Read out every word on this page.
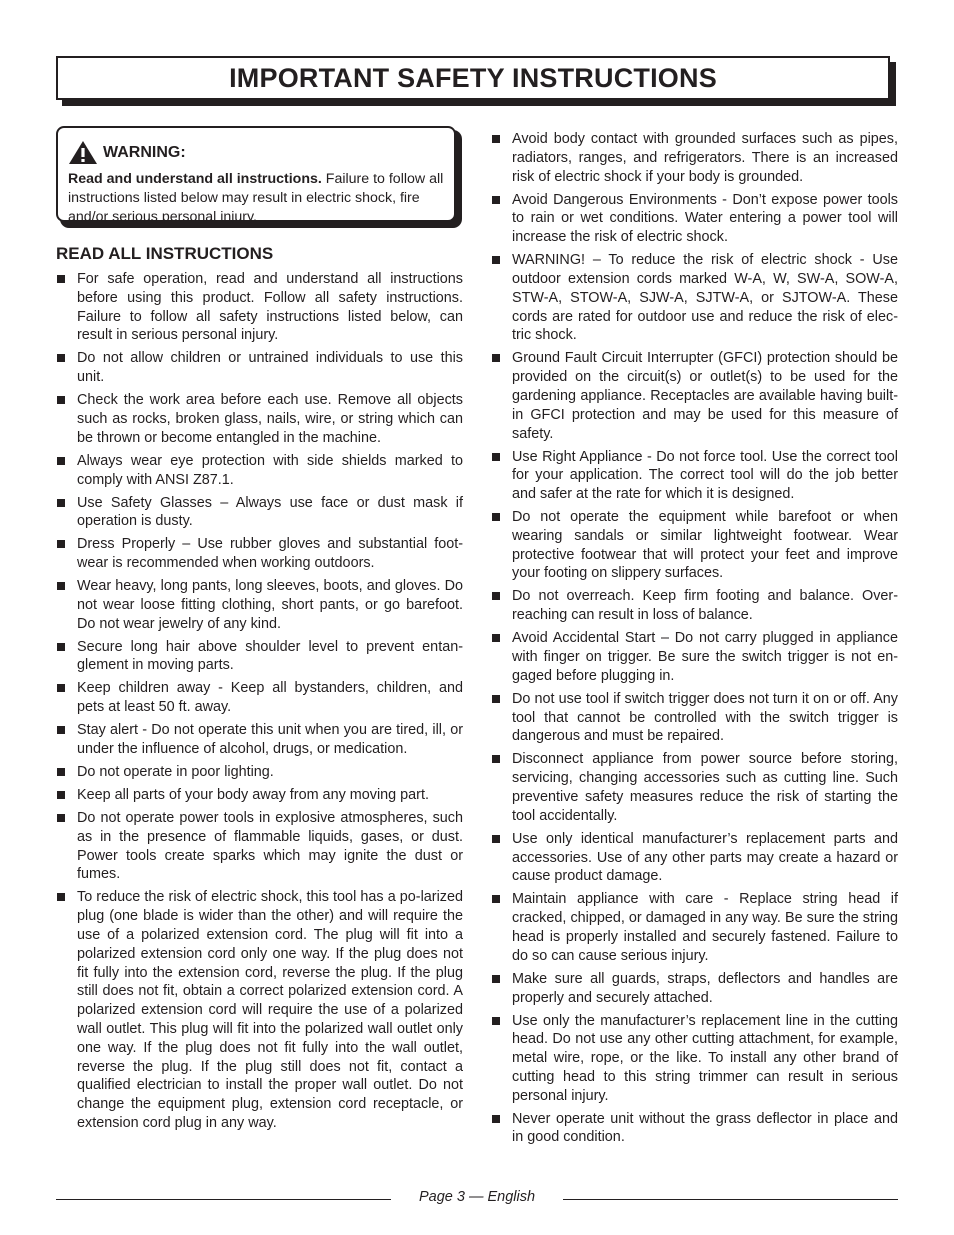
IMPORTANT SAFETY INSTRUCTIONS
WARNING:
Read and understand all instructions. Failure to follow all instructions listed below may result in electric shock, fire and/or serious personal injury.
READ ALL INSTRUCTIONS
For safe operation, read and understand all instructions before using this product. Follow all safety instructions. Failure to follow all safety instructions listed below, can result in serious personal injury.
Do not allow children or untrained individuals to use this unit.
Check the work area before each use. Remove all objects such as rocks, broken glass, nails, wire, or string which can be thrown or become entangled in the machine.
Always wear eye protection with side shields marked to comply with ANSI Z87.1.
Use Safety Glasses – Always use face or dust mask if operation is dusty.
Dress Properly – Use rubber gloves and substantial foot-wear is recommended when working outdoors.
Wear heavy, long pants, long sleeves, boots, and gloves. Do not wear loose fitting clothing, short pants, or go barefoot. Do not wear jewelry of any kind.
Secure long hair above shoulder level to prevent entan-glement in moving parts.
Keep children away - Keep all bystanders, children, and pets at least 50 ft. away.
Stay alert - Do not operate this unit when you are tired, ill, or under the influence of alcohol, drugs, or medication.
Do not operate in poor lighting.
Keep all parts of your body away from any moving part.
Do not operate power tools in explosive atmospheres, such as in the presence of flammable liquids, gases, or dust. Power tools create sparks which may ignite the dust or fumes.
To reduce the risk of electric shock, this tool has a po-larized plug (one blade is wider than the other) and will require the use of a polarized extension cord. The plug will fit into a polarized extension cord only one way. If the plug does not fit fully into the extension cord, reverse the plug. If the plug still does not fit, obtain a correct polarized extension cord. A polarized extension cord will require the use of a polarized wall outlet. This plug will fit into the polarized wall outlet only one way. If the plug does not fit fully into the wall outlet, reverse the plug. If the plug still does not fit, contact a qualified electrician to install the proper wall outlet. Do not change the equipment plug, extension cord receptacle, or extension cord plug in any way.
Avoid body contact with grounded surfaces such as pipes, radiators, ranges, and refrigerators. There is an increased risk of electric shock if your body is grounded.
Avoid Dangerous Environments - Don’t expose power tools to rain or wet conditions. Water entering a power tool will increase the risk of electric shock.
WARNING! – To reduce the risk of electric shock - Use outdoor extension cords marked W-A, W, SW-A, SOW-A, STW-A, STOW-A, SJW-A, SJTW-A, or SJTOW-A. These cords are rated for outdoor use and reduce the risk of elec-tric shock.
Ground Fault Circuit Interrupter (GFCI) protection should be provided on the circuit(s) or outlet(s) to be used for the gardening appliance. Receptacles are available having built-in GFCI protection and may be used for this measure of safety.
Use Right Appliance - Do not force tool. Use the correct tool for your application. The correct tool will do the job better and safer at the rate for which it is designed.
Do not operate the equipment while barefoot or when wearing sandals or similar lightweight footwear. Wear protective footwear that will protect your feet and improve your footing on slippery surfaces.
Do not overreach. Keep firm footing and balance. Over-reaching can result in loss of balance.
Avoid Accidental Start – Do not carry plugged in appliance with finger on trigger. Be sure the switch trigger is not en-gaged before plugging in.
Do not use tool if switch trigger does not turn it on or off. Any tool that cannot be controlled with the switch trigger is dangerous and must be repaired.
Disconnect appliance from power source before storing, servicing, changing accessories such as cutting line. Such preventive safety measures reduce the risk of starting the tool accidentally.
Use only identical manufacturer’s replacement parts and accessories. Use of any other parts may create a hazard or cause product damage.
Maintain appliance with care - Replace string head if cracked, chipped, or damaged in any way. Be sure the string head is properly installed and securely fastened. Failure to do so can cause serious injury.
Make sure all guards, straps, deflectors and handles are properly and securely attached.
Use only the manufacturer’s replacement line in the cutting head. Do not use any other cutting attachment, for example, metal wire, rope, or the like. To install any other brand of cutting head to this string trimmer can result in serious personal injury.
Never operate unit without the grass deflector in place and in good condition.
Page 3 — English
